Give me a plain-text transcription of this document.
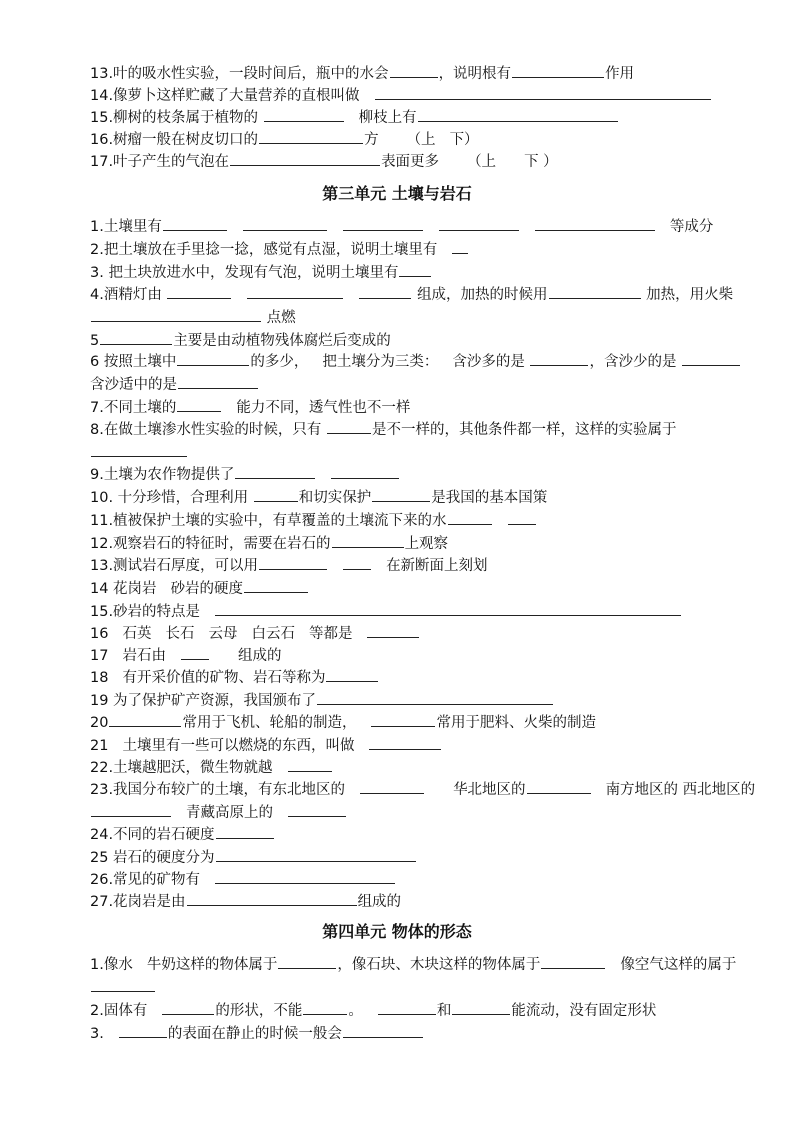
13.叶的吸水性实验，一段时间后，瓶中的水会	，说明根有	作用
14.像萝卜这样贮藏了大量营养的直根叫做
15.柳树的枝条属于植物的	柳枝上有
16.树瘤一般在树皮切口的	方 （上 下）
17.叶子产生的气泡在	表面更多 （上 下 ）
第三单元 土壤与岩石
1.土壤里有	等成分
2.把土壤放在手里捻一捻，感觉有点湿，说明土壤里有
3. 把土块放进水中，发现有气泡，说明土壤里有
4.酒精灯由	组成，加热的时候用	加热，用火柴 点燃
5	主要是由动植物残体腐烂后变成的
6 按照土壤中	的多少， 把土壤分为三类： 含沙多的是	，含沙少的是 含沙适中的是
7.不同土壤的	能力不同，透气性也不一样
8.在做土壤渗水性实验的时候，只有	是不一样的，其他条件都一样，这样的实验属于
9.土壤为农作物提供了
10. 十分珍惜，合理利用	和切实保护	是我国的基本国策
11.植被保护土壤的实验中，有草覆盖的土壤流下来的水
12.观察岩石的特征时，需要在岩石的	上观察
13.测试岩石厚度，可以用	在新断面上刻划
14 花岗岩 砂岩的硬度
15.砂岩的特点是
16 石英 长石 云母 白云石 等都是
17 岩石由	组成的
18 有开采价值的矿物、岩石等称为
19 为了保护矿产资源，我国颁布了
20	常用于飞机、轮船的制造，	常用于肥料、火柴的制造
21 土壤里有一些可以燃烧的东西，叫做
22.土壤越肥沃，微生物就越
23.我国分布较广的土壤，有东北地区的	华北地区的	南方地区的 西北地区的青藏高原上的
24.不同的岩石硬度
25 岩石的硬度分为
26.常见的矿物有
27.花岗岩是由	组成的
第四单元 物体的形态
1.像水 牛奶这样的物体属于	，像石块、木块这样的物体属于	像空气这样的属于
2.固体有	的形状，不能	。	和	能流动，没有固定形状
3.	的表面在静止的时候一般会
